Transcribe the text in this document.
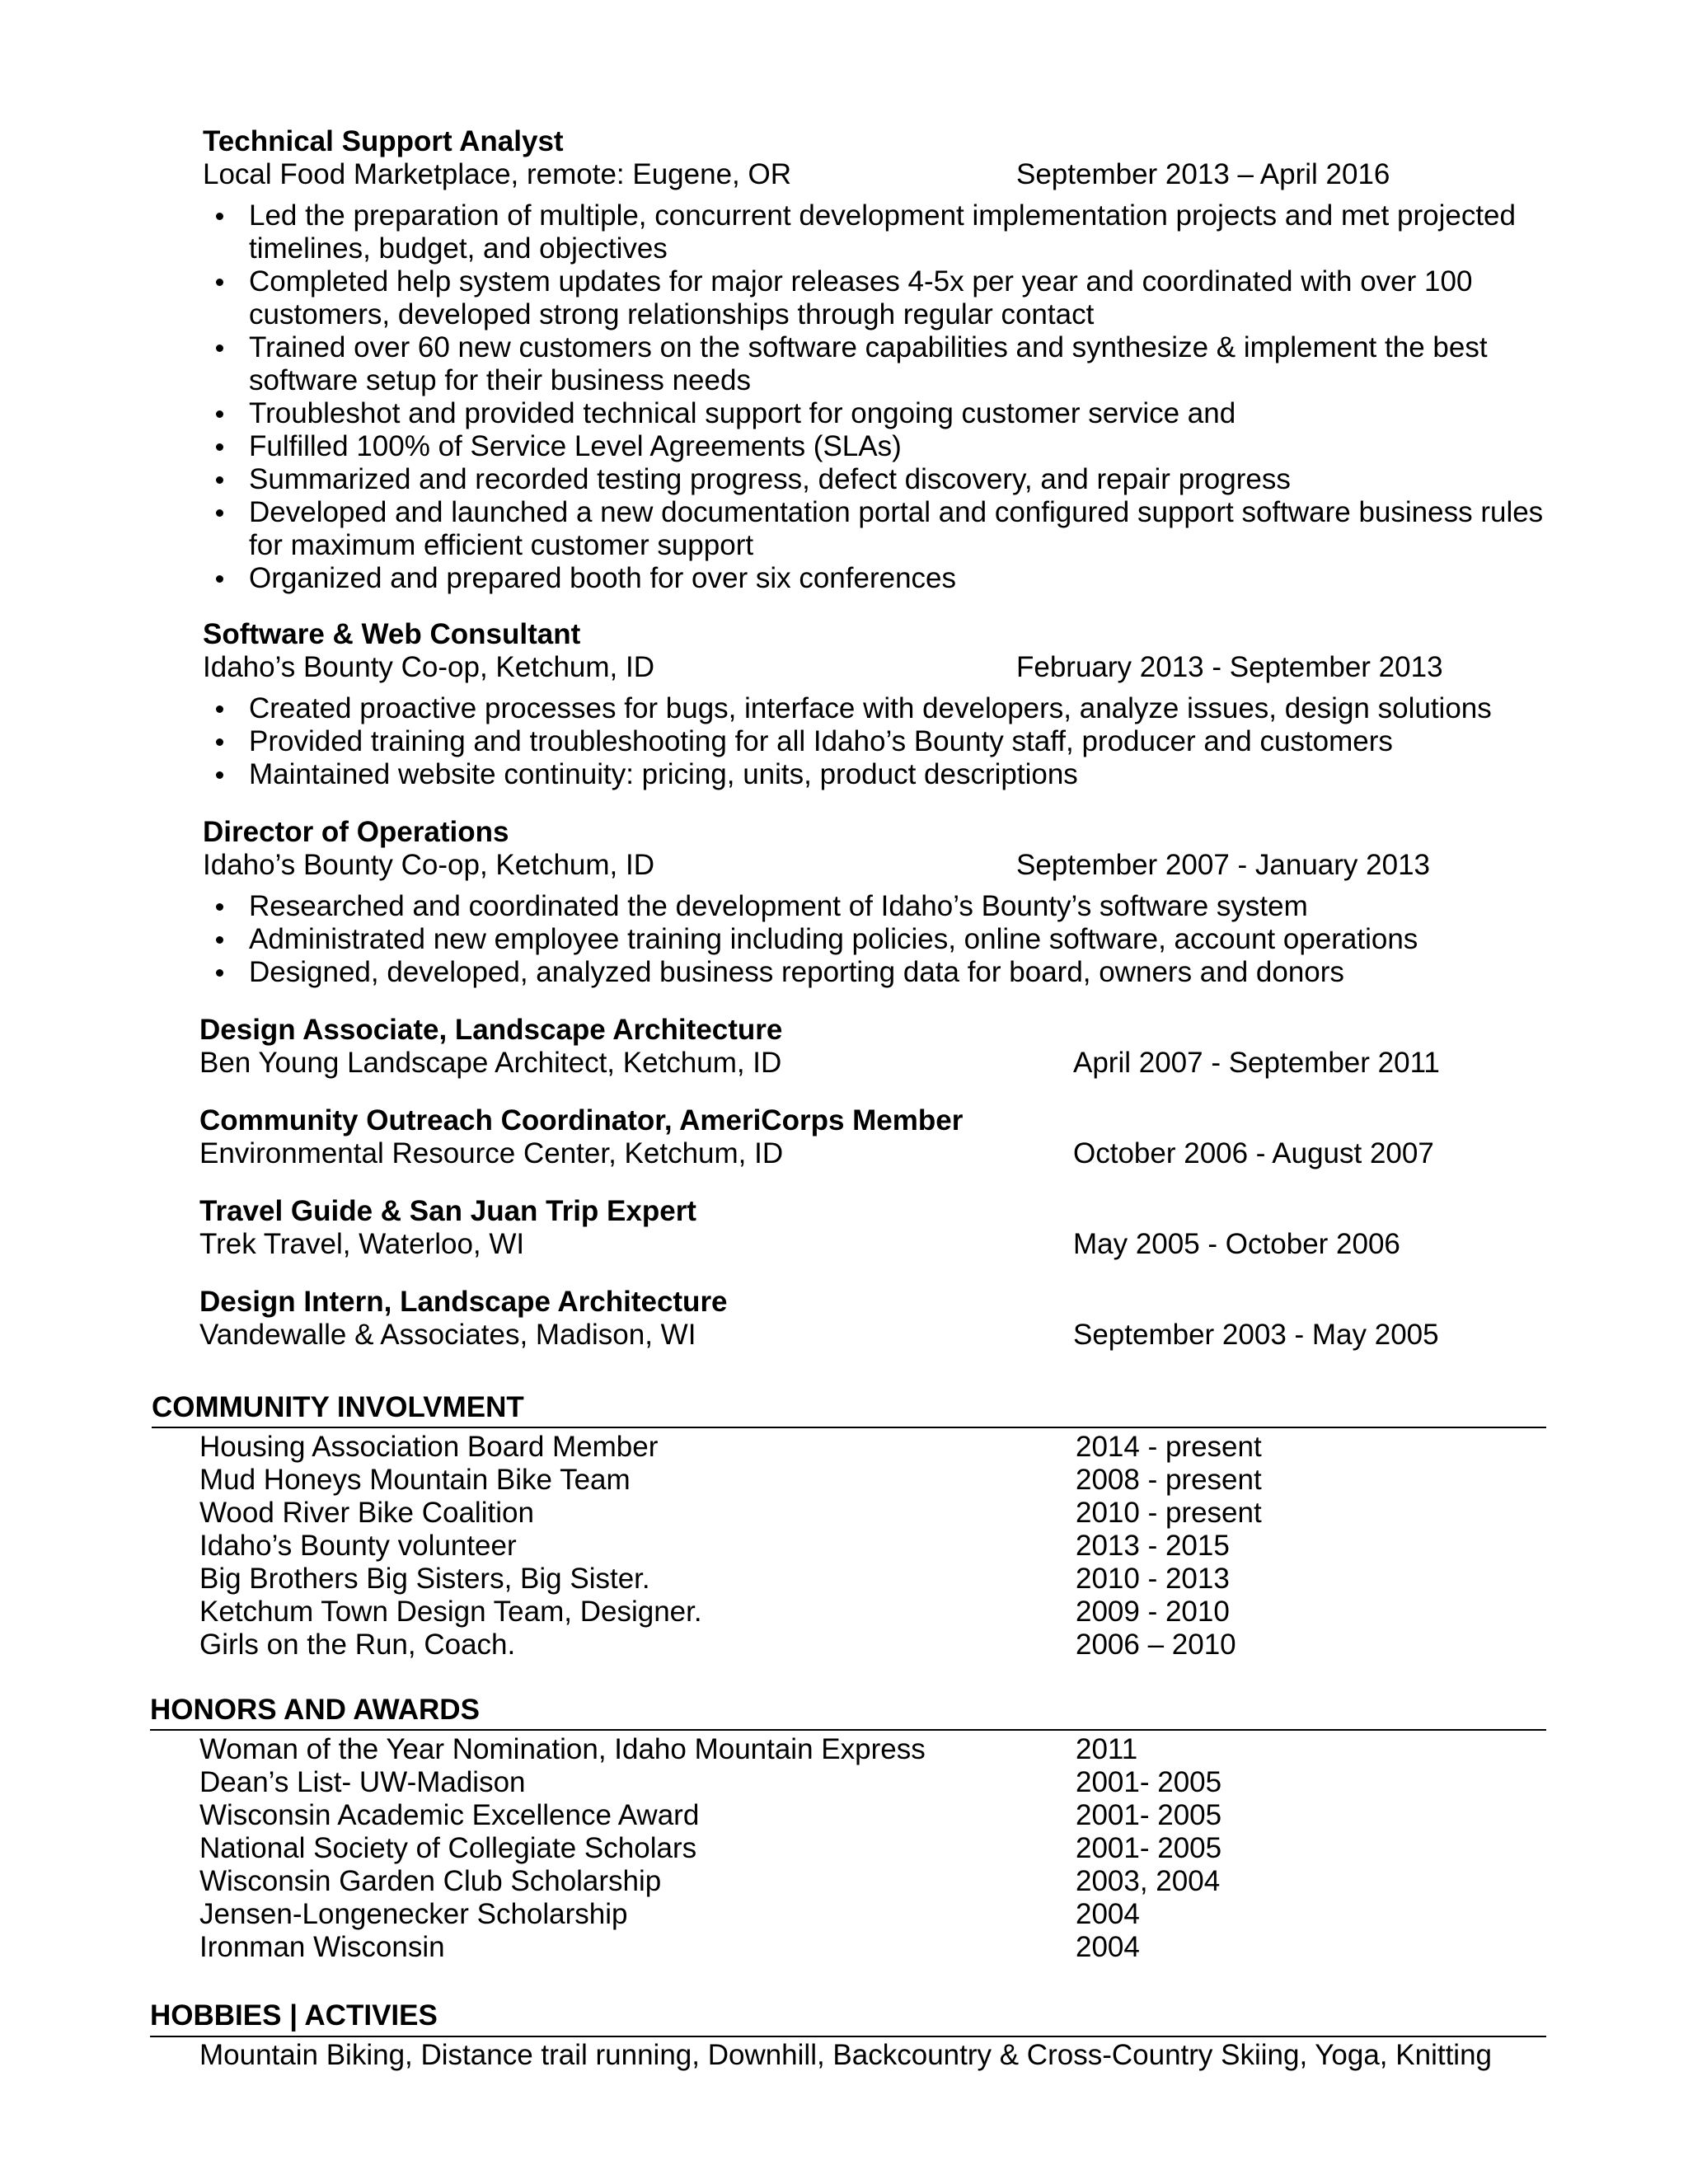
Technical Support Analyst
Local Food Marketplace, remote: Eugene, OR	September 2013 – April 2016
Led the preparation of multiple, concurrent development implementation projects and met projected timelines, budget, and objectives
Completed help system updates for major releases 4-5x per year and coordinated with over 100 customers, developed strong relationships through regular contact
Trained over 60 new customers on the software capabilities and synthesize & implement the best software setup for their business needs
Troubleshot and provided technical support for ongoing customer service and
Fulfilled 100% of Service Level Agreements (SLAs)
Summarized and recorded testing progress, defect discovery, and repair progress
Developed and launched a new documentation portal and configured support software business rules for maximum efficient customer support
Organized and prepared booth for over six conferences
Software & Web Consultant
Idaho’s Bounty Co-op, Ketchum, ID	February 2013 - September 2013
Created proactive processes for bugs, interface with developers, analyze issues, design solutions
Provided training and troubleshooting for all Idaho’s Bounty staff, producer and customers
Maintained website continuity: pricing, units, product descriptions
Director of Operations
Idaho’s Bounty Co-op, Ketchum, ID	September 2007 - January 2013
Researched and coordinated the development of Idaho’s Bounty’s software system
Administrated new employee training including policies, online software, account operations
Designed, developed, analyzed business reporting data for board, owners and donors
Design Associate, Landscape Architecture
Ben Young Landscape Architect, Ketchum, ID	April 2007 - September 2011
Community Outreach Coordinator, AmeriCorps Member
Environmental Resource Center, Ketchum, ID	October 2006 - August 2007
Travel Guide & San Juan Trip Expert
Trek Travel, Waterloo, WI	May 2005 - October 2006
Design Intern, Landscape Architecture
Vandewalle & Associates, Madison, WI	September 2003 - May 2005
COMMUNITY INVOLVMENT
Housing Association Board Member	2014 - present
Mud Honeys Mountain Bike Team	2008 - present
Wood River Bike Coalition	2010 - present
Idaho’s Bounty volunteer	2013 - 2015
Big Brothers Big Sisters, Big Sister.	2010 - 2013
Ketchum Town Design Team, Designer.	2009 - 2010
Girls on the Run, Coach.	2006 – 2010
HONORS AND AWARDS
Woman of the Year Nomination, Idaho Mountain Express	2011
Dean’s List- UW-Madison	2001- 2005
Wisconsin Academic Excellence Award	2001- 2005
National Society of Collegiate Scholars	2001- 2005
Wisconsin Garden Club Scholarship	2003, 2004
Jensen-Longenecker Scholarship	2004
Ironman Wisconsin	2004
HOBBIES | ACTIVIES
Mountain Biking, Distance trail running, Downhill, Backcountry & Cross-Country Skiing, Yoga, Knitting
